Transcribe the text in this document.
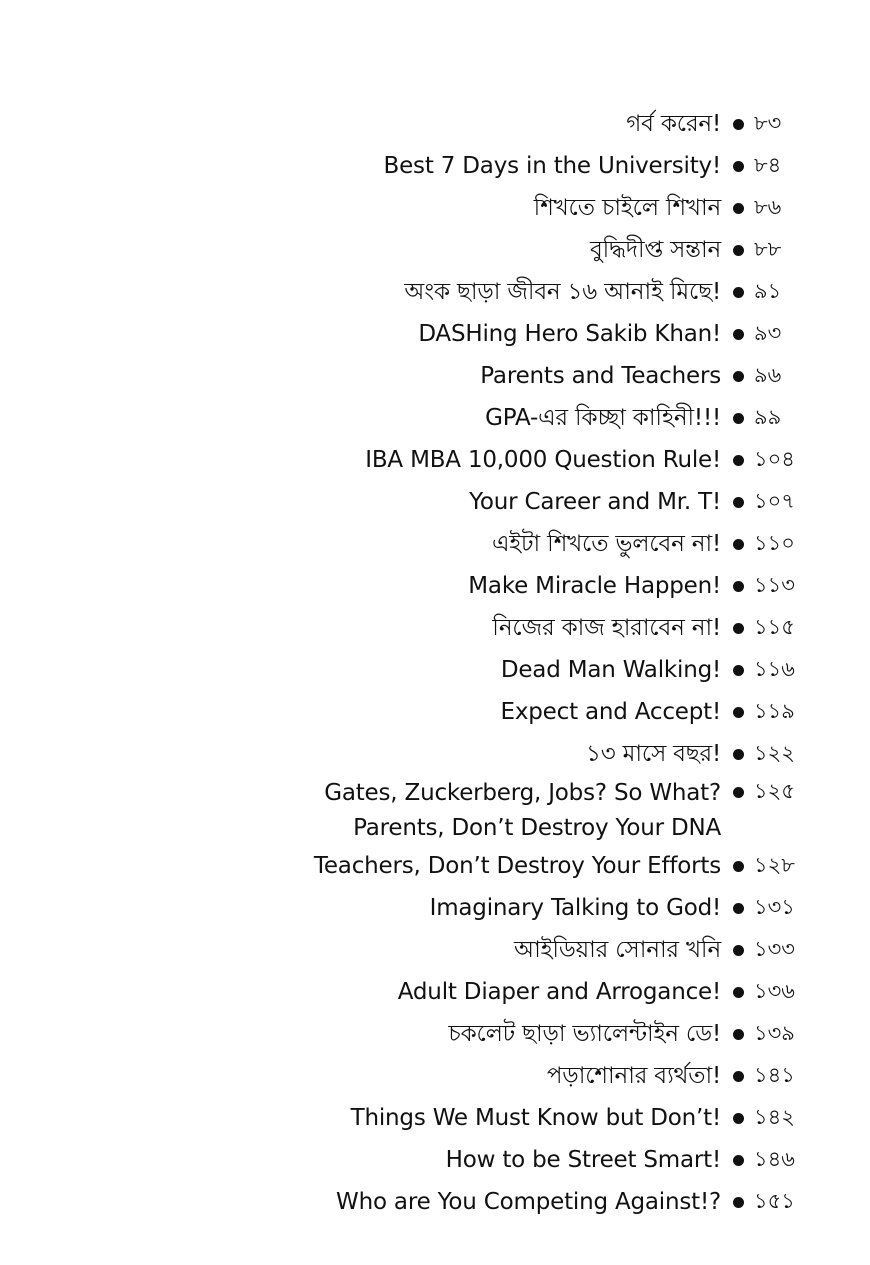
গর্ব করেন! ৮৩
Best 7 Days in the University! ৮৪
শিখতে চাইলে শিখান ৮৬
বুদ্ধিদীপ্ত সন্তান ৮৮
অংক ছাড়া জীবন ১৬ আনাই মিছে! ৯১
DASHing Hero Sakib Khan! ৯৩
Parents and Teachers ৯৬
GPA-এর কিচ্ছা কাহিনী!!! ৯৯
IBA MBA 10,000 Question Rule! ১০৪
Your Career and Mr. T! ১০৭
এইটা শিখতে ভুলবেন না! ১১০
Make Miracle Happen! ১১৩
নিজের কাজ হারাবেন না! ১১৫
Dead Man Walking! ১১৬
Expect and Accept! ১১৯
১৩ মাসে বছর! ১২২
Gates, Zuckerberg, Jobs? So What? ১২৫
Parents, Don’t Destroy Your DNA
Teachers, Don’t Destroy Your Efforts ১২৮
Imaginary Talking to God! ১৩১
আইডিয়ার সোনার খনি ১৩৩
Adult Diaper and Arrogance! ১৩৬
চকলেট ছাড়া ভ্যালেন্টাইন ডে! ১৩৯
পড়াশোনার ব্যর্থতা! ১৪১
Things We Must Know but Don’t! ১৪২
How to be Street Smart! ১৪৬
Who are You Competing Against!? ১৫১
